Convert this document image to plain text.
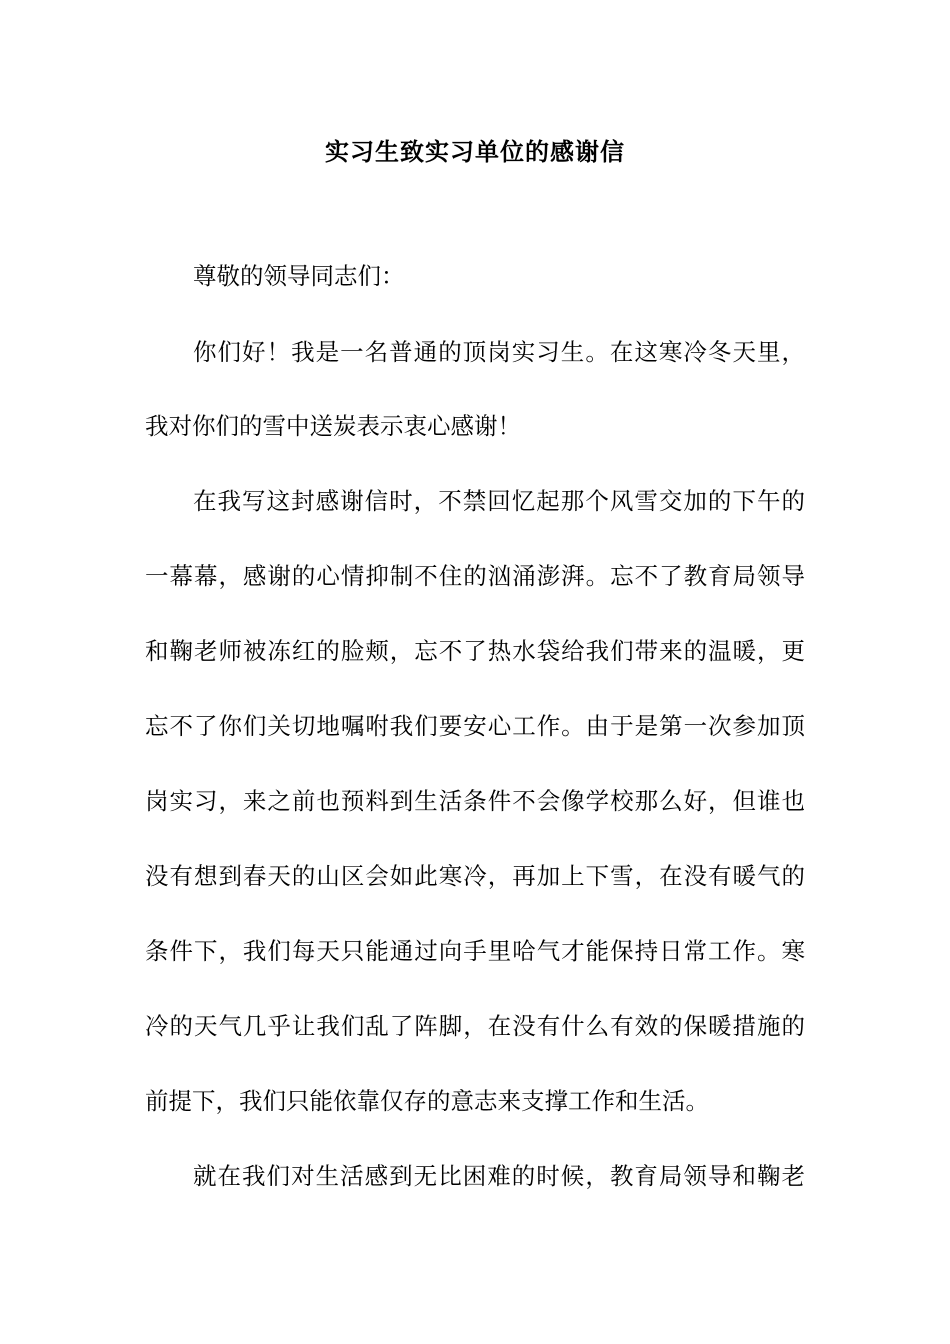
实习生致实习单位的感谢信

尊敬的领导同志们：

你们好！我是一名普通的顶岗实习生。在这寒冷冬天里，

我对你们的雪中送炭表示衷心感谢！

在我写这封感谢信时，不禁回忆起那个风雪交加的下午的

一幕幕，感谢的心情抑制不住的汹涌澎湃。忘不了教育局领导

和鞠老师被冻红的脸颊，忘不了热水袋给我们带来的温暖，更

忘不了你们关切地嘱咐我们要安心工作。由于是第一次参加顶

岗实习，来之前也预料到生活条件不会像学校那么好，但谁也

没有想到春天的山区会如此寒冷，再加上下雪，在没有暖气的

条件下，我们每天只能通过向手里哈气才能保持日常工作。寒

冷的天气几乎让我们乱了阵脚，在没有什么有效的保暖措施的

前提下，我们只能依靠仅存的意志来支撑工作和生活。

就在我们对生活感到无比困难的时候，教育局领导和鞠老
